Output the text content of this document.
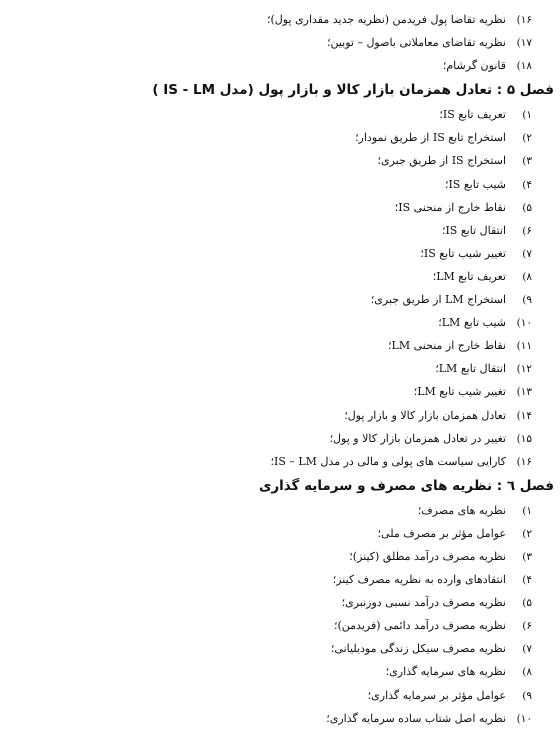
۱۶)
نظریه تقاضا پول فریدمن (نظریه جدید مقداری پول)؛
۱۷)
نظریه تقاضای معاملاتی باصول – توبین؛
۱۸)
قانون گرشام؛
فصل ۵ : تعادل همزمان بازار کالا و بازار پول (مدل IS - LM )
۱)
تعریف تابع IS؛
۲)
استخراج تابع IS از طریق نمودار؛
۳)
استخراج IS از طریق جبری؛
۴)
شیب تابع IS؛
۵)
نقاط خارج از منحنی IS؛
۶)
انتقال تابع IS؛
۷)
تغییر شیب تابع IS؛
۸)
تعریف تابع LM؛
۹)
استخراج LM از طریق جبری؛
۱۰)
شیب تابع LM؛
۱۱)
نقاط خارج از منحنی LM؛
۱۲)
انتقال تابع LM؛
۱۳)
تغییر شیب تابع LM؛
۱۴)
تعادل همزمان بازار کالا و بازار پول؛
۱۵)
تغییر در تعادل همزمان بازار کالا و پول؛
۱۶)
کارایی سیاست های پولی و مالی در مدل IS – LM؛
فصل ٦ : نظریه های مصرف و سرمایه گذاری
۱)
نظریه های مصرف؛
۲)
عوامل مؤثر بر مصرف ملی؛
۳)
نظریه مصرف درآمد مطلق (کینز)؛
۴)
انتقادهای وارده به نظریه مصرف کینز؛
۵)
نظریه مصرف درآمد نسبی دوزنبری؛
۶)
نظریه مصرف درآمد دائمی (فریدمن)؛
۷)
نظریه مصرف سیکل زندگی مودیلیانی؛
۸)
نظریه های سرمایه گذاری؛
۹)
عوامل مؤثر بر سرمایه گذاری؛
۱۰)
نظریه اصل شتاب ساده سرمایه گذاری؛
